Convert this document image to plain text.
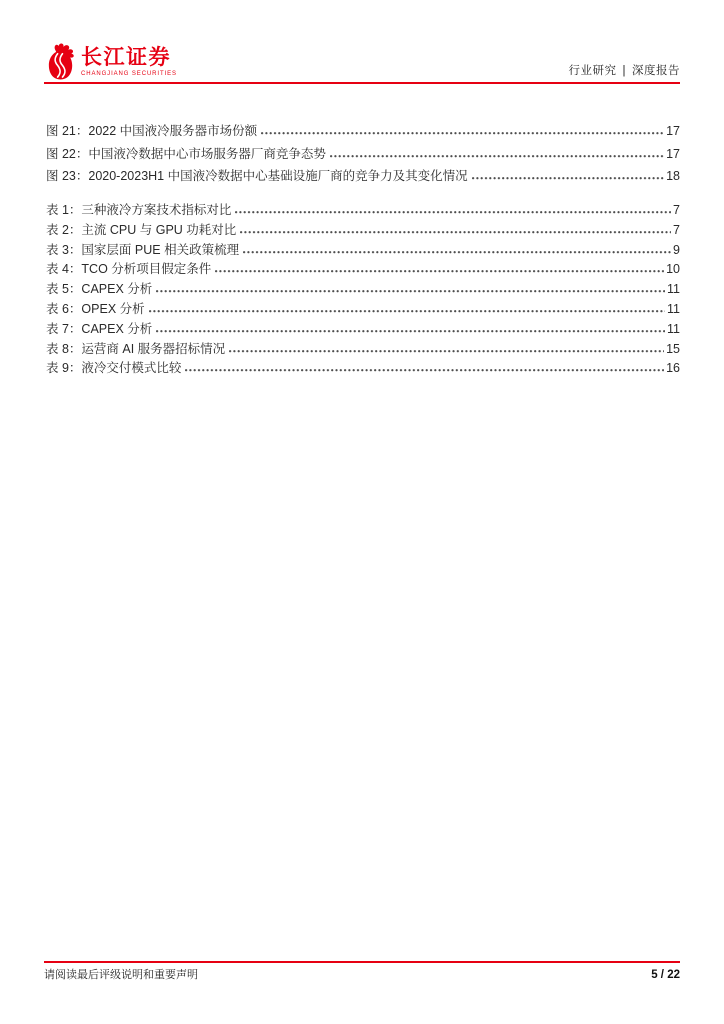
长江证券
CHANGJIANG SECURITIES	行业研究 | 深度报告
图 21：2022 中国液冷服务器市场份额	17
图 22：中国液冷数据中心市场服务器厂商竞争态势	17
图 23：2020-2023H1 中国液冷数据中心基础设施厂商的竞争力及其变化情况	18
表 1：三种液冷方案技术指标对比	7
表 2：主流 CPU 与 GPU 功耗对比	7
表 3：国家层面 PUE 相关政策梳理	9
表 4：TCO 分析项目假定条件	10
表 5：CAPEX 分析	11
表 6：OPEX 分析	11
表 7：CAPEX 分析	11
表 8：运营商 AI 服务器招标情况	15
表 9：液冷交付模式比较	16
请阅读最后评级说明和重要声明	5 / 22
